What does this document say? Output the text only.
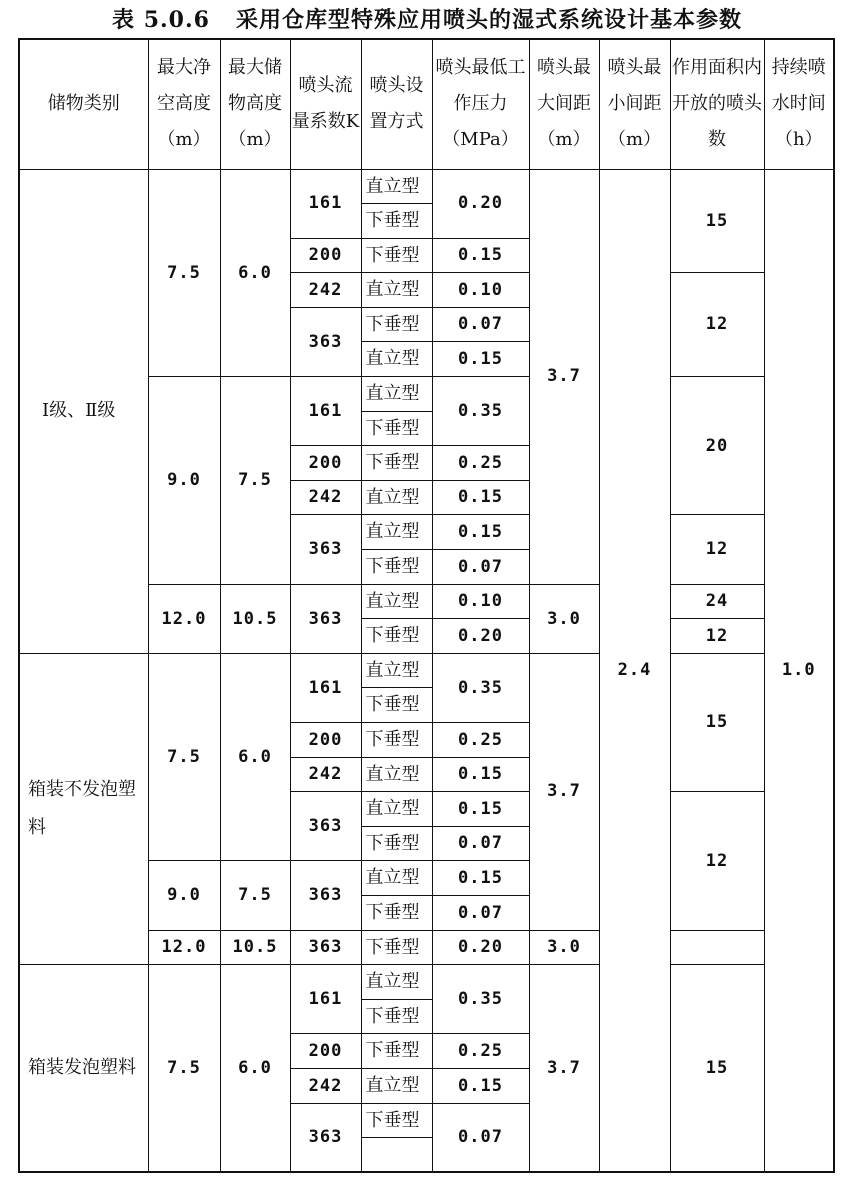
表 5.0.6 采用仓库型特殊应用喷头的湿式系统设计基本参数
储物类别	最大净空高度（m）	最大储物高度（m）	喷头流量系数K	喷头设置方式	喷头最低工作压力（MPa）	喷头最大间距（m）	喷头最小间距（m）	作用面积内开放的喷头数	持续喷水时间（h）
Ⅰ级、Ⅱ级	7.5	6.0	161	直立型	0.20	3.7	2.4	15	1.0
				下垂型					
			200	下垂型	0.15				
			242	直立型	0.10			12	
			363	下垂型	0.07				
				直立型	0.15				
	9.0	7.5	161	直立型	0.35			20	
				下垂型					
			200	下垂型	0.25				
			242	直立型	0.15				
			363	直立型	0.15			12	
				下垂型	0.07				
	12.0	10.5	363	直立型	0.10	3.0		24	
				下垂型	0.20			12	
箱装不发泡塑料	7.5	6.0	161	直立型	0.35	3.7		15	
				下垂型					
			200	下垂型	0.25				
			242	直立型	0.15				
			363	直立型	0.15			12	
				下垂型	0.07				
	9.0	7.5	363	直立型	0.15				
				下垂型	0.07				
	12.0	10.5	363	下垂型	0.20	3.0			
箱装发泡塑料	7.5	6.0	161	直立型	0.35	3.7		15	
				下垂型					
			200	下垂型	0.25				
			242	直立型	0.15				
			363	下垂型	0.07				
